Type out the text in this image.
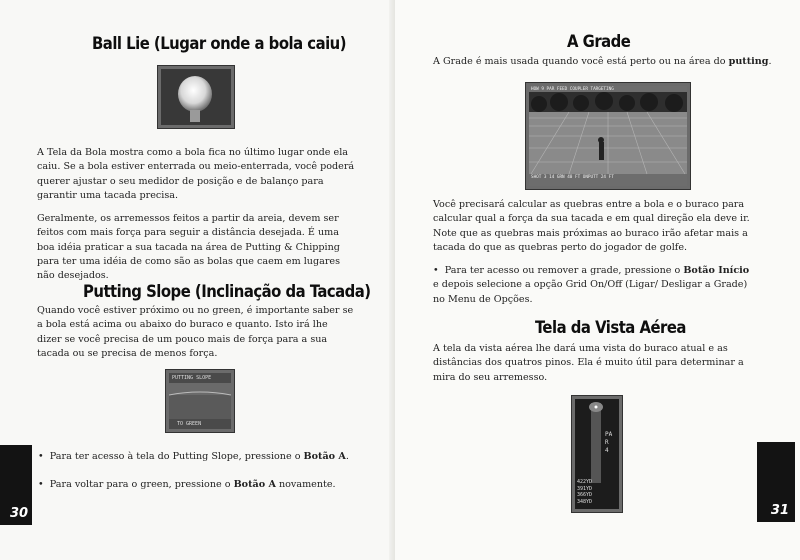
Ball Lie (Lugar onde a bola caiu)

A Tela da Bola mostra como a bola fica no último lugar onde ela caiu. Se a bola estiver enterrada ou meio-enterrada, você poderá querer ajustar o seu medidor de posição e de balanço para garantir uma tacada precisa.

Geralmente, os arremessos feitos a partir da areia, devem ser feitos com mais força para seguir a distância desejada. É uma boa idéia praticar a sua tacada na área de Putting & Chipping para ter uma idéia de como são as bolas que caem em lugares não desejados.

Putting Slope (Inclinação da Tacada)

Quando você estiver próximo ou no green, é importante saber se a bola está acima ou abaixo do buraco e quanto. Isto irá lhe dizer se você precisa de um pouco mais de força para a sua tacada ou se precisa de menos força.

PUTTING SLOPE
TO GREEN
•  Para ter acesso à tela do Putting Slope, pressione o Botão A.
•  Para voltar para o green, pressione o Botão A novamente.
30
A Grade

A Grade é mais usada quando você está perto ou na área do putting.

HOW 9 PAR FEED COUPLER TARGETING
SHOT 3 14 GRN 40 FT ONPUTT 24 FT

Você precisará calcular as quebras entre a bola e o buraco para calcular qual a força da sua tacada e em qual direção ela deve ir. Note que as quebras mais próximas ao buraco irão afetar mais a tacada do que as quebras perto do jogador de golfe.

•  Para ter acesso ou remover a grade, pressione o Botão Início e depois selecione a opção Grid On/Off (Ligar/ Desligar a Grade) no Menu de Opções.
Tela da Vista Aérea

A tela da vista aérea lhe dará uma vista do buraco atual e as distâncias dos quatros pinos. Ela é muito útil para determinar a mira do seu arremesso.

PAR 4
422YD
391YD
366YD
348YD
31
